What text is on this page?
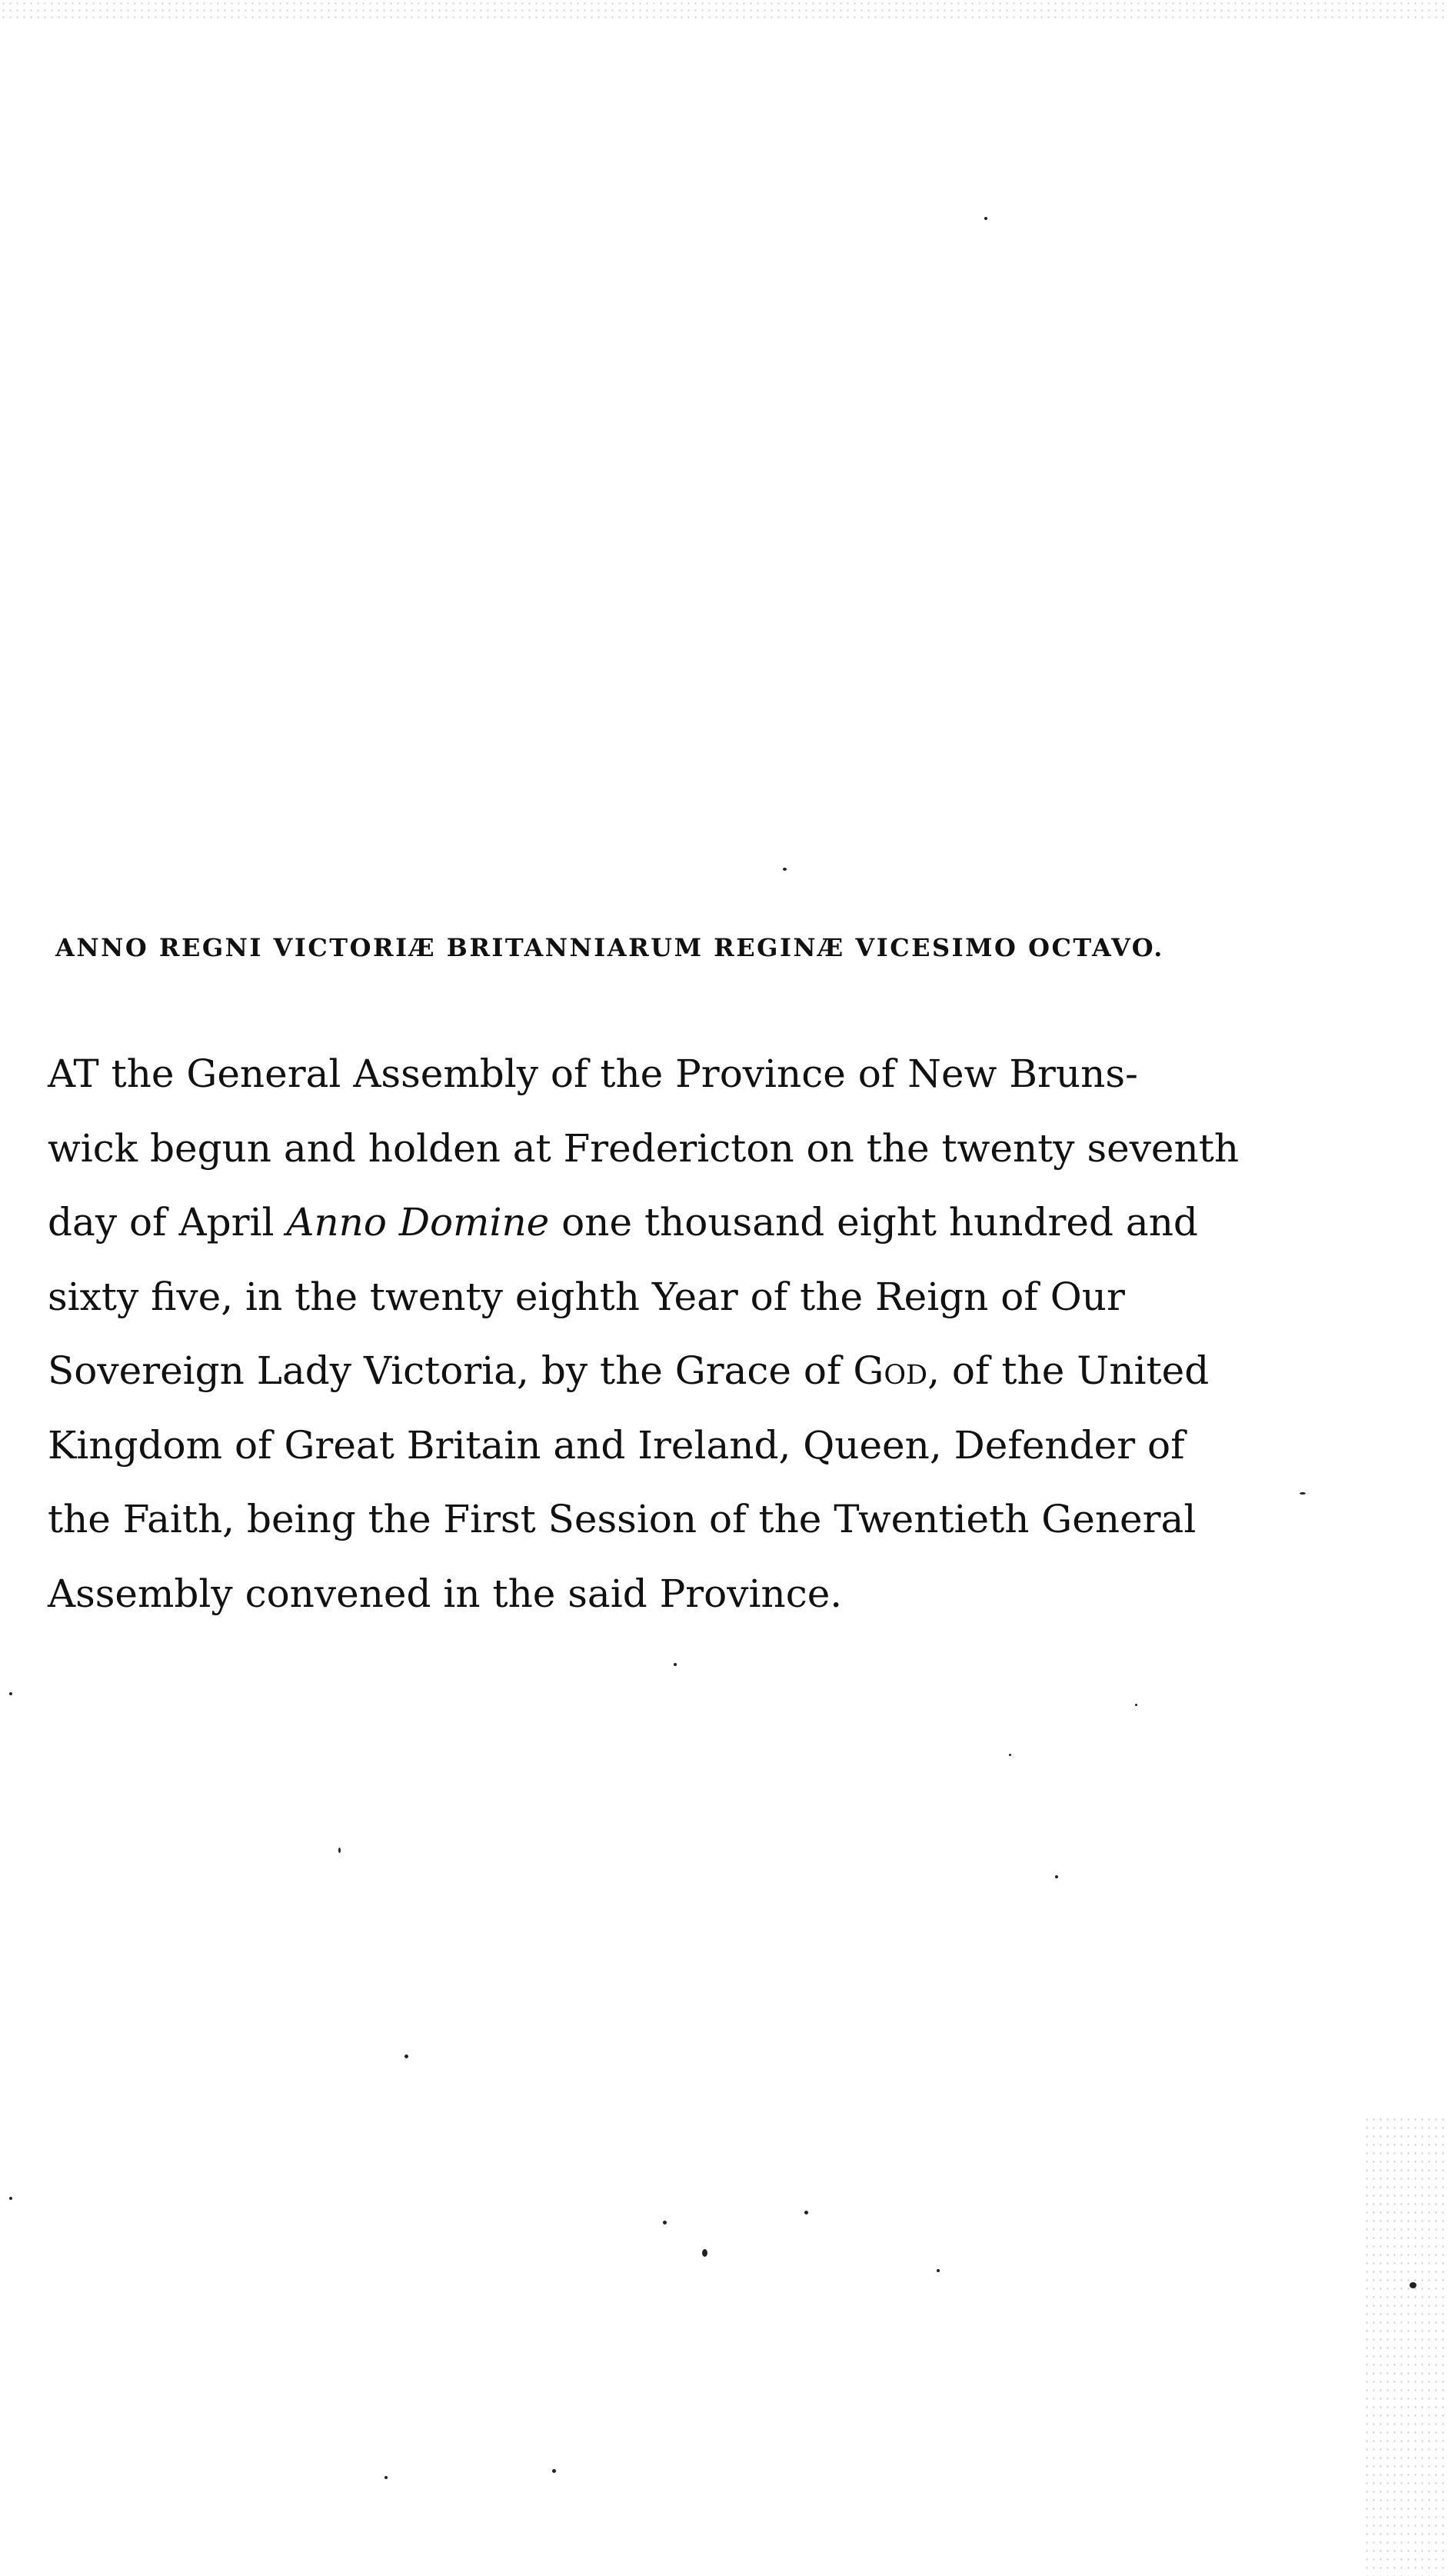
ANNO REGNI VICTORIÆ BRITANNIARUM REGINÆ VICESIMO OCTAVO.
AT the General Assembly of the Province of New Bruns-
wick begun and holden at Fredericton on the twenty seventh
day of April Anno Domine one thousand eight hundred and
sixty five, in the twenty eighth Year of the Reign of Our
Sovereign Lady Victoria, by the Grace of God, of the United
Kingdom of Great Britain and Ireland, Queen, Defender of
the Faith, being the First Session of the Twentieth General
Assembly convened in the said Province.
